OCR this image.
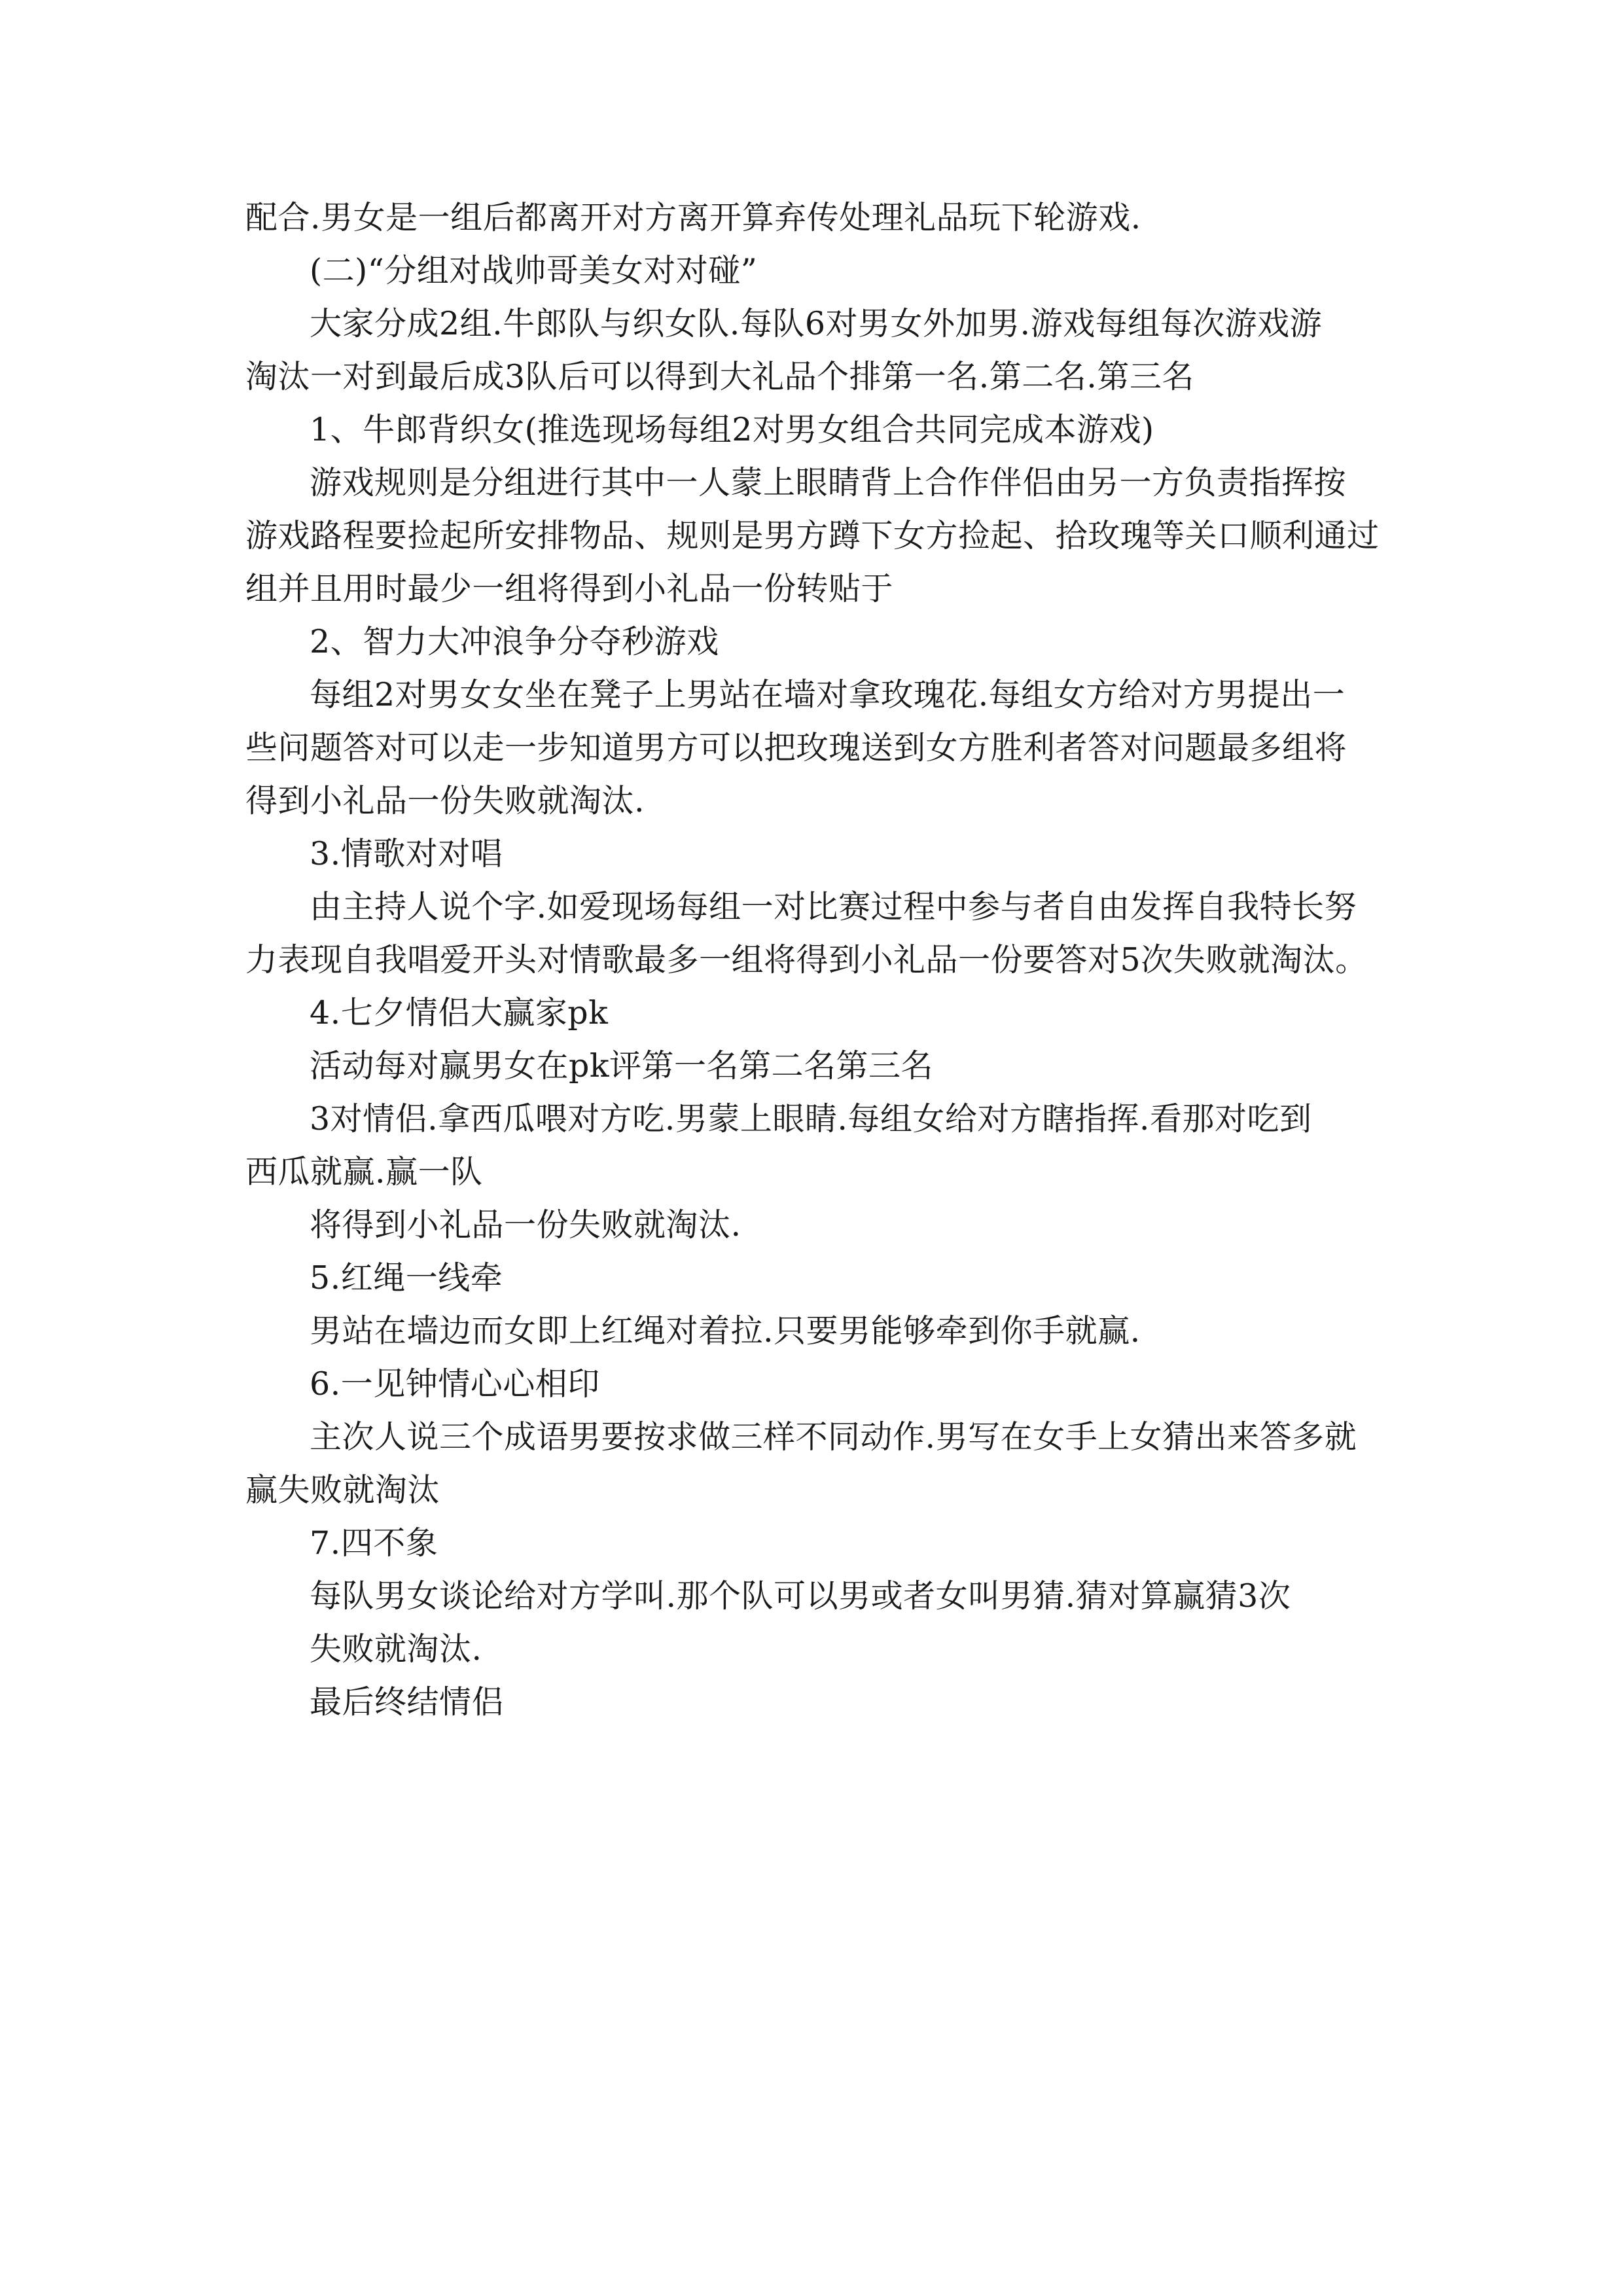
配合.男女是一组后都离开对方离开算弃传处理礼品玩下轮游戏.

(二)“分组对战帅哥美女对对碰”

大家分成2组.牛郎队与织女队.每队6对男女外加男.游戏每组每次游戏游

淘汰一对到最后成3队后可以得到大礼品个排第一名.第二名.第三名

1、牛郎背织女(推选现场每组2对男女组合共同完成本游戏)

游戏规则是分组进行其中一人蒙上眼睛背上合作伴侣由另一方负责指挥按

游戏路程要捡起所安排物品、规则是男方蹲下女方捡起、拾玫瑰等关口顺利通过

组并且用时最少一组将得到小礼品一份转贴于

2、智力大冲浪争分夺秒游戏

每组2对男女女坐在凳子上男站在墙对拿玫瑰花.每组女方给对方男提出一

些问题答对可以走一步知道男方可以把玫瑰送到女方胜利者答对问题最多组将

得到小礼品一份失败就淘汰.

3.情歌对对唱

由主持人说个字.如爱现场每组一对比赛过程中参与者自由发挥自我特长努

力表现自我唱爱开头对情歌最多一组将得到小礼品一份要答对5次失败就淘汰。

4.七夕情侣大赢家pk

活动每对赢男女在pk评第一名第二名第三名

3对情侣.拿西瓜喂对方吃.男蒙上眼睛.每组女给对方瞎指挥.看那对吃到

西瓜就赢.赢一队

将得到小礼品一份失败就淘汰.

5.红绳一线牵

男站在墙边而女即上红绳对着拉.只要男能够牵到你手就赢.

6.一见钟情心心相印

主次人说三个成语男要按求做三样不同动作.男写在女手上女猜出来答多就

赢失败就淘汰

7.四不象

每队男女谈论给对方学叫.那个队可以男或者女叫男猜.猜对算赢猜3次

失败就淘汰.

最后终结情侣
